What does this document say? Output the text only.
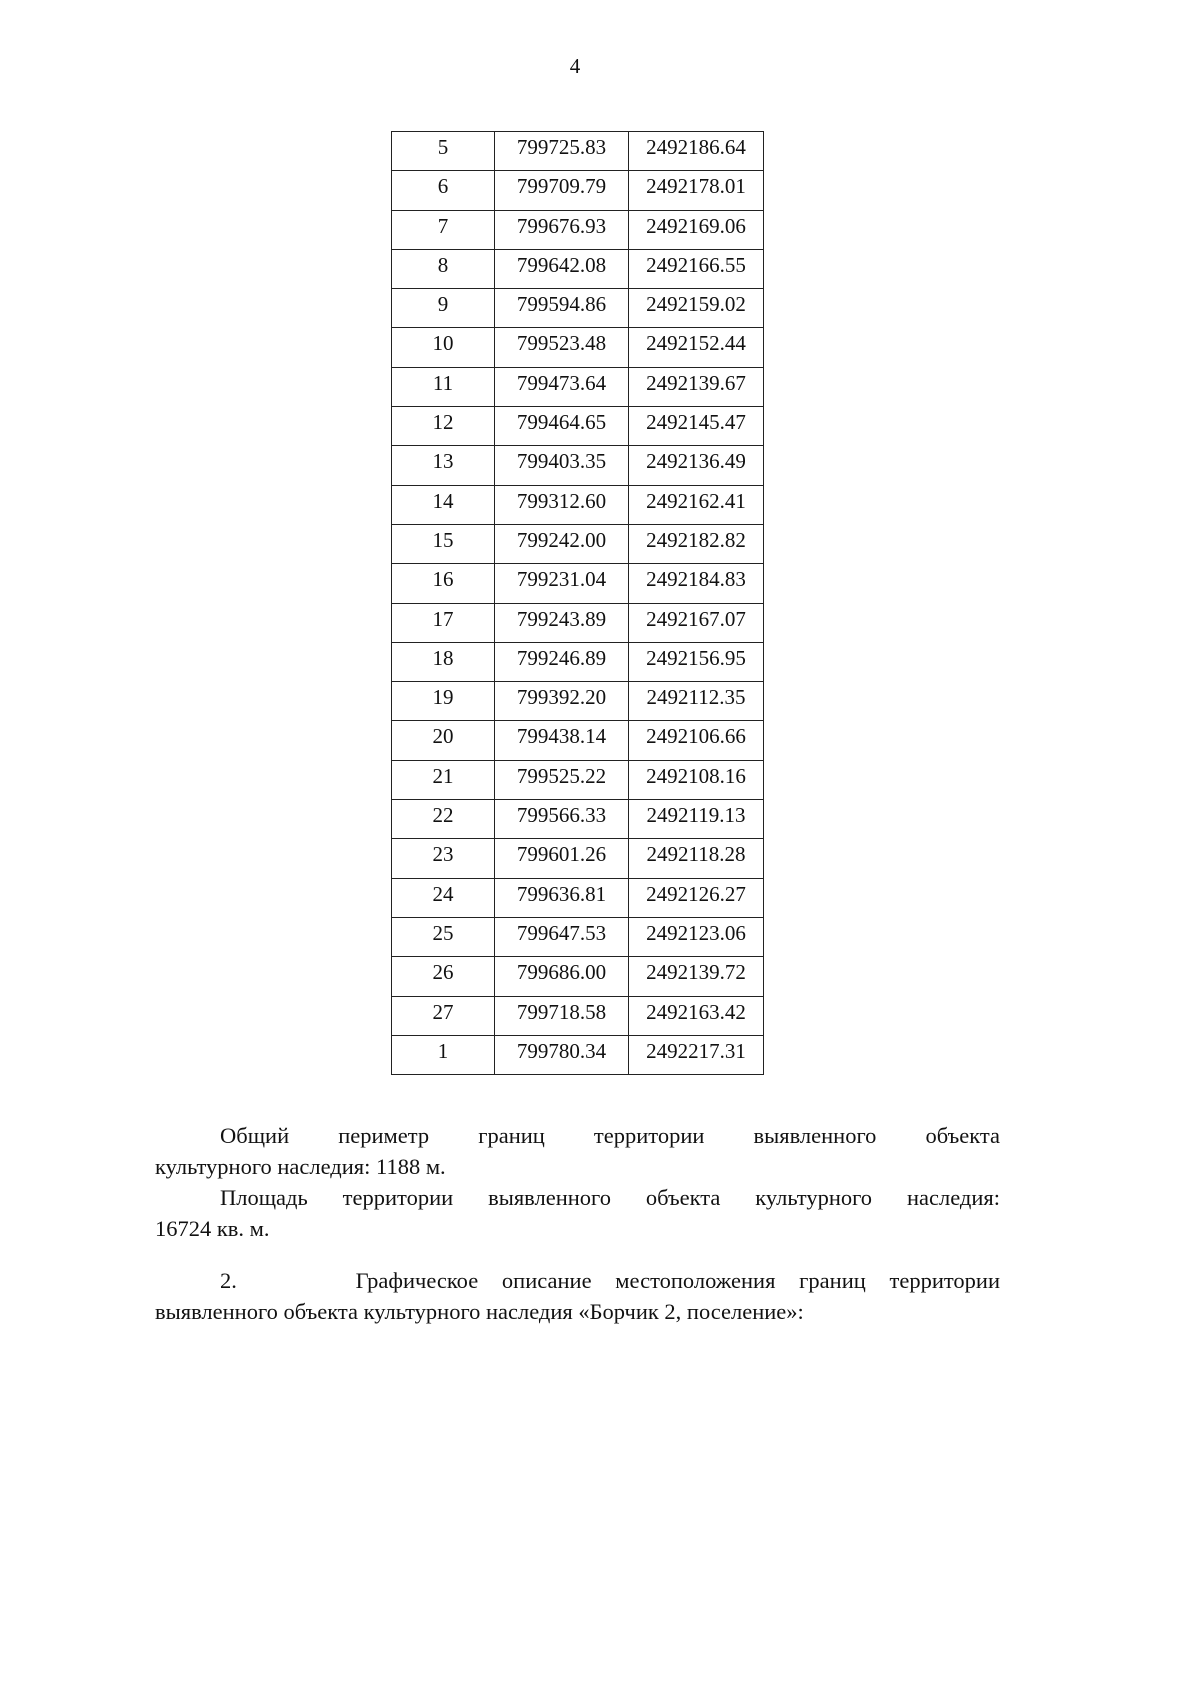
4
5	799725.83	2492186.64
6	799709.79	2492178.01
7	799676.93	2492169.06
8	799642.08	2492166.55
9	799594.86	2492159.02
10	799523.48	2492152.44
11	799473.64	2492139.67
12	799464.65	2492145.47
13	799403.35	2492136.49
14	799312.60	2492162.41
15	799242.00	2492182.82
16	799231.04	2492184.83
17	799243.89	2492167.07
18	799246.89	2492156.95
19	799392.20	2492112.35
20	799438.14	2492106.66
21	799525.22	2492108.16
22	799566.33	2492119.13
23	799601.26	2492118.28
24	799636.81	2492126.27
25	799647.53	2492123.06
26	799686.00	2492139.72
27	799718.58	2492163.42
1	799780.34	2492217.31
Общий периметр границ территории выявленного объекта
культурного наследия: 1188 м.
Площадь территории выявленного объекта культурного наследия:
16724 кв. м.
2.     Графическое описание местоположения границ территории
выявленного объекта культурного наследия «Борчик 2, поселение»:
